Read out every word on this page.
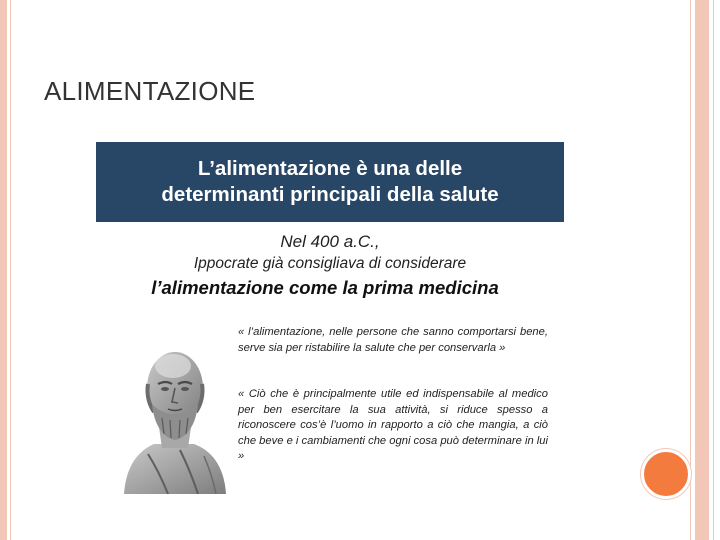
ALIMENTAZIONE
L’alimentazione è una delle
determinanti principali della salute
Nel 400 a.C.,
Ippocrate già consigliava di considerare
l’alimentazione come la prima medicina
« l’alimentazione, nelle persone che sanno comportarsi bene, serve sia per ristabilire la salute che per conservarla »
« Ciò che è principalmente utile ed indispensabile al medico per ben esercitare la sua attività, si riduce spesso a riconoscere cos’è l’uomo in rapporto a ciò che mangia, a ciò che beve e i cambiamenti che ogni cosa può determinare in lui »
